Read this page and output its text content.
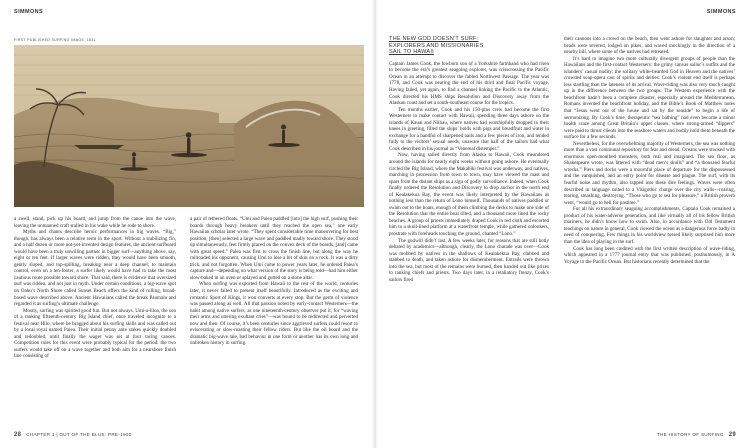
SIMMONS
FIRST PUBLISHED SURFING IMAGE, 1831

a swell, stand, pick up his board, and jump from the canoe into the wave, leaving the unmanned craft stalled in his wake while he rode to shore.

Myths and chants describe heroic performances in big waves. “Big,” though, has always been a relative term in the sport. Without a stabilizing fin, and a half dozen or more not-yet-invented design features, the ancient surfboard would have been a truly unwilling partner in bigger surf—anything above, say, eight or ten feet. If larger waves were ridden, they would have been smooth, gently sloped, and top-spilling, breaking near a deep channel; to maintain control, even on a ten-footer, a surfer likely would have had to take the most cautious route possible toward shore. That said, there is evidence that oversized surf was ridden, and not just in myth. Under certain conditions, a big-wave spot on Oahu’s North Shore called Sunset Beach offers the kind of rolling, broad-based wave described above. Ancient Hawaiians called the break Paumalu and regarded it as surfing’s ultimate challenge.

Mostly, surfing was spirited good fun. But not always. Umi-a-liloa, the son of a ranking fifteenth-century Big Island chief, once traveled incognito to a festival near Hilo, where he bragged about his surfing skills and was called out by a local royal named Paiea. Their initial penny ante stakes quickly doubled and redoubled, until finally the wager was set at four racing canoes. Competition rules for this event were probably typical for the period: the two surfers would take off on a wave together and both aim for a nearshore finish line consisting of

a pair of tethered floats. “Umi and Paiea paddled [into] the high surf, pushing their boards through heavy breakers until they reached the open sea,” one early Hawaiian scholar later wrote. “They spent considerable time maneuvering for best position, [then] selected a large wave and paddled madly toward shore. They stood up simultaneously, feet firmly placed on the convex deck of the boards, [and] came with great speed.” Paiea was first to cross the finish line, but along the way he railroaded his opponent, causing Umi to lose a bit of skin on a rock. It was a dirty trick, and not forgotten. When Umi came to power years later, he ordered Paiea’s capture and—depending on what version of the story is being told—had him either slow-baked in an oven or splayed and gutted on a stone altar.

When surfing was exported from Hawaii to the rest of the world, centuries later, it never failed to present itself beautifully. Introduced as the exciting and romantic Sport of Kings, it won converts at every stop. But the germ of violence was passed along as well. All that passion noted by early-contact Westerners—the habit among native surfers, as one nineteenth-century observer put it, for “waving their arms and uttering exultant cries”—was bound to be redirected and perverted now and then. Of course, it’s been centuries since aggrieved surfers could resort to eviscerating or slow-roasting their fellow riders. But like the oil board and the dramatic big-wave tale, bad behavior in one form or another has its own long and unbroken history in surfing.

28 CHAPTER 1 | OUT OF THE BLUE: PRE-1900
SIMMONS
THE NEW GOD DOESN’T SURF:
EXPLORERS AND MISSIONARIES
SAIL TO HAWAII

Captain James Cook, the lowborn son of a Yorkshire farmhand who had risen to become the era’s greatest seagoing explorer, was crisscrossing the Pacific Ocean in an attempt to discover the fabled Northwest Passage. The year was 1778, and Cook was nearing the end of his third and final Pacific voyage. Having failed, yet again, to find a channel linking the Pacific to the Atlantic, Cook directed his HMS ships Resolution and Discovery away from the Alaskan coast and set a south-southeast course for the tropics.

Ten months earlier, Cook and his 150-plus crew had become the first Westerners to make contact with Hawaii, spending three days ashore on the islands of Kauai and Niihau, where natives had worshipfully dropped to their knees in greeting, filled the ships’ holds with pigs and breadfruit and water in exchange for a handful of sharpened nails and a few pieces of iron, and tended fully to the visitors’ sexual needs, unaware that half of the sailors had what Cook described in his journal as “Venereal distemper.”

Now, having sailed directly from Alaska to Hawaii, Cook meandered around the islands for nearly eight weeks without going ashore. He eventually circled the Big Island, where the Makahiki festival was underway, and natives, marching in procession from town to town, may have viewed the mast and spars from the distant ships as a sign of godly surveillance. Indeed, when Cook finally ordered the Resolution and Discovery to drop anchor in the north end of Kealakekua Bay, the event was likely interpreted by the Hawaiians as nothing less than the return of Lono himself. Thousands of natives paddled or swam out to the boats, enough of them climbing the decks to make one side of the Resolution that the entire boat tilted, and a thousand more lined the rocky beaches. A group of priests immediately draped Cook in red cloth and escorted him to a skull-lined platform at a waterfront temple, while gathered onlookers, prostrate with foreheads touching the ground, chanted “Lono.”

The godwill didn’t last. A few weeks later, for reasons that are still hotly debated by academics—although, clearly, the Lono charade was over—Cook was mobbed by natives in the shallows of Kealakekua Bay, clubbed and stabbed to death, and taken ashore for dismemberment. Entrails were thrown into the sea, but most of the remains were burned, then handed out like prizes to ranking chiefs and priests. Two days later, in a retaliatory frenzy, Cook’s sailors fired

their cannons into a crowd on the beach, then went ashore for slaughter and arson; heads were severed, lodged on pikes, and waved mockingly in the direction of a nearby hill, where some of the natives had retreated.

It’s hard to imagine two more culturally divergent groups of people than the Hawaiians and the first-contact Westerners: the grimy canvas sailor’s outfits and the islanders’ casual nudity; the solitary white-bearded God in Heaven and the natives’ crowded soap-opera cast of spirits and deities. Cook’s violent end itself is perhaps less startling than the lateness of its arrival. Wave-riding was also very much caught up in the difference between the two groups. The Western experience with the beachfront hadn’t been a complete disaster, especially around the Mediterranean. Romans invented the beachfront holiday, and the Bible’s Book of Matthew notes that “Jesus went out of the house and sat by the seaside” to begin a life of sermonizing. By Cook’s time, therapeutic “sea bathing” had even become a minor health craze among Great Britain’s upper classes, where strong-armed “dippers” were paid to thrust clients into the seashore waters and bodily hold them beneath the surface for a few seconds.

Nevertheless, for the overwhelming majority of Westerners, the sea was nothing more than a vast communal repository for fear and dread. Oceans were stocked with enormous open-mouthed monsters, both real and imagined. The sea floor, as Shakespeare wrote, was littered with “dead men’s skulls” and “a thousand fearful wrecks.” Piers and docks were a mournful place of departure for the dispossessed and the vanquished, and an entry point for disease and plague. The surf, with its fearful noise and rhythm, also tapped into these dire feelings. Waves were often described in language suited to a Visigothic charge over the city walls—roaring, tearing, smashing, destroying. “Those who go to sea for pleasure,” a British proverb went, “would go to hell for pastime.”

For all his extraordinary seagoing accomplishments, Captain Cook remained a product of his water-adverse generation, and like virtually all of his fellow British mariners, he didn’t know how to swim. Also, in accordance with Old Testament teachings on nature in general, Cook viewed the ocean as a dangerous force badly in need of conquering. Few things in his worldview tossed likely surprised him more than the idea of playing in the surf.

Cook has long been credited with the first written description of wave-riding, which appeared in a 1777 journal entry that was published, posthumously, in A Voyage to the Pacific Ocean. But historians recently determined that the

THE HISTORY OF SURFING 29
